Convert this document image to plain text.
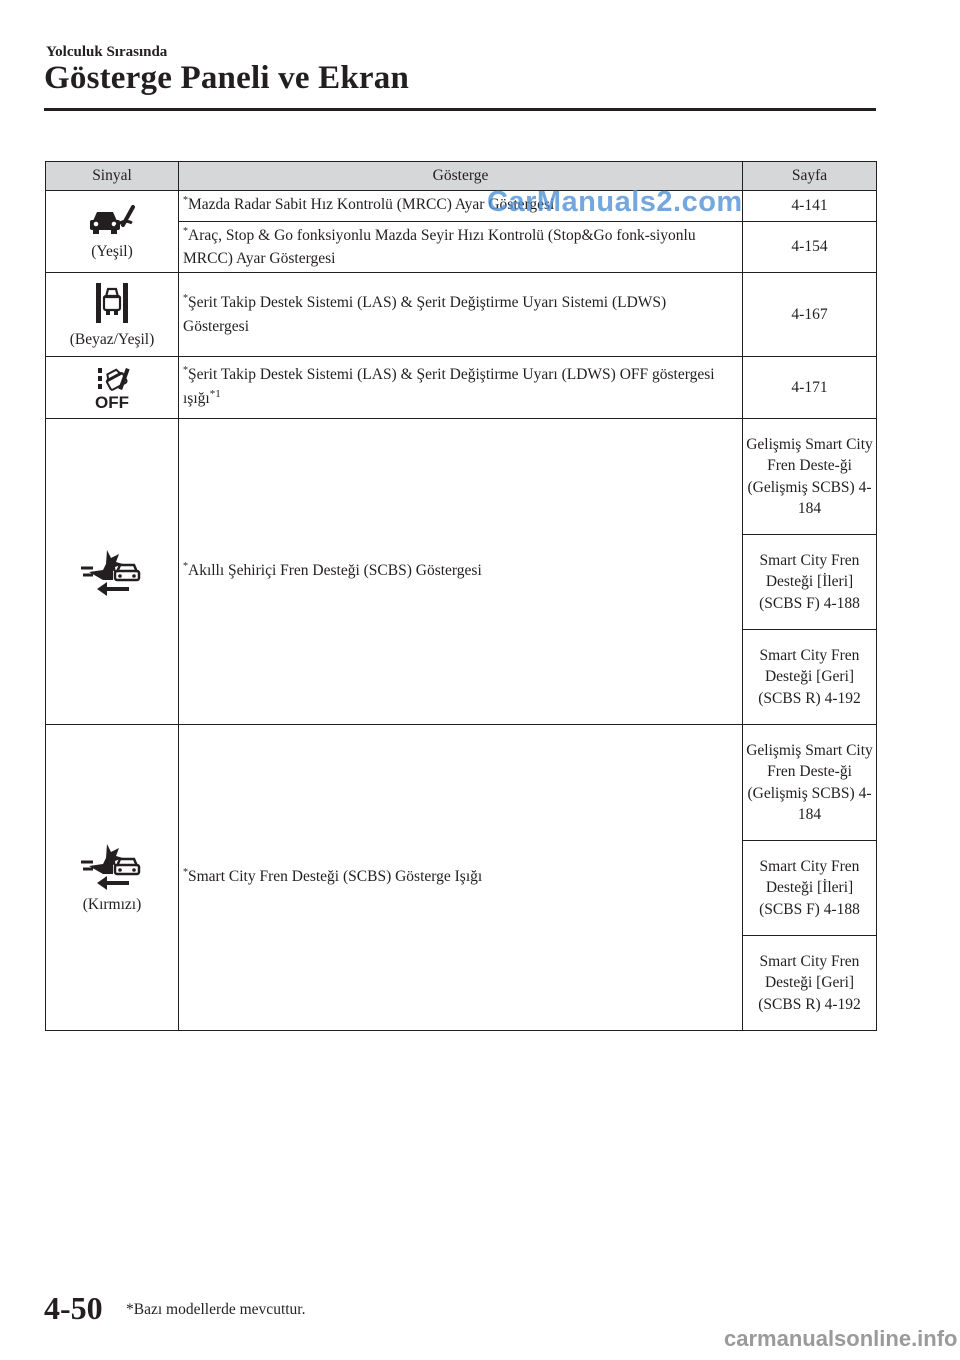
Yolculuk Sırasında
Gösterge Paneli ve Ekran
Sinyal	Gösterge	Sayfa

(Yeşil)	*Mazda Radar Sabit Hız Kontrolü (MRCC) Ayar Göstergesi	4-141
	*Araç, Stop & Go fonksiyonlu Mazda Seyir Hızı Kontrolü (Stop&Go fonk-siyonlu MRCC) Ayar Göstergesi	4-154

(Beyaz/Yeşil)	*Şerit Takip Destek Sistemi (LAS) & Şerit Değiştirme Uyarı Sistemi (LDWS) Göstergesi	4-167

OFF	*Şerit Takip Destek Sistemi (LAS) & Şerit Değiştirme Uyarı (LDWS) OFF göstergesi ışığı$^{*1}$	4-171

	*Akıllı Şehiriçi Fren Desteği (SCBS) Göstergesi	Gelişmiş Smart City Fren Deste-ği (Gelişmiş SCBS) 4-184
		Smart City Fren Desteği [İleri] (SCBS F) 4-188
		Smart City Fren Desteği [Geri] (SCBS R) 4-192

(Kırmızı)	*Smart City Fren Desteği (SCBS) Gösterge Işığı	Gelişmiş Smart City Fren Deste-ği (Gelişmiş SCBS) 4-184
		Smart City Fren Desteği [İleri] (SCBS F) 4-188
		Smart City Fren Desteği [Geri] (SCBS R) 4-192
CarManuals2.com
4-50 *Bazı modellerde mevcuttur.
carmanualsonline.info
